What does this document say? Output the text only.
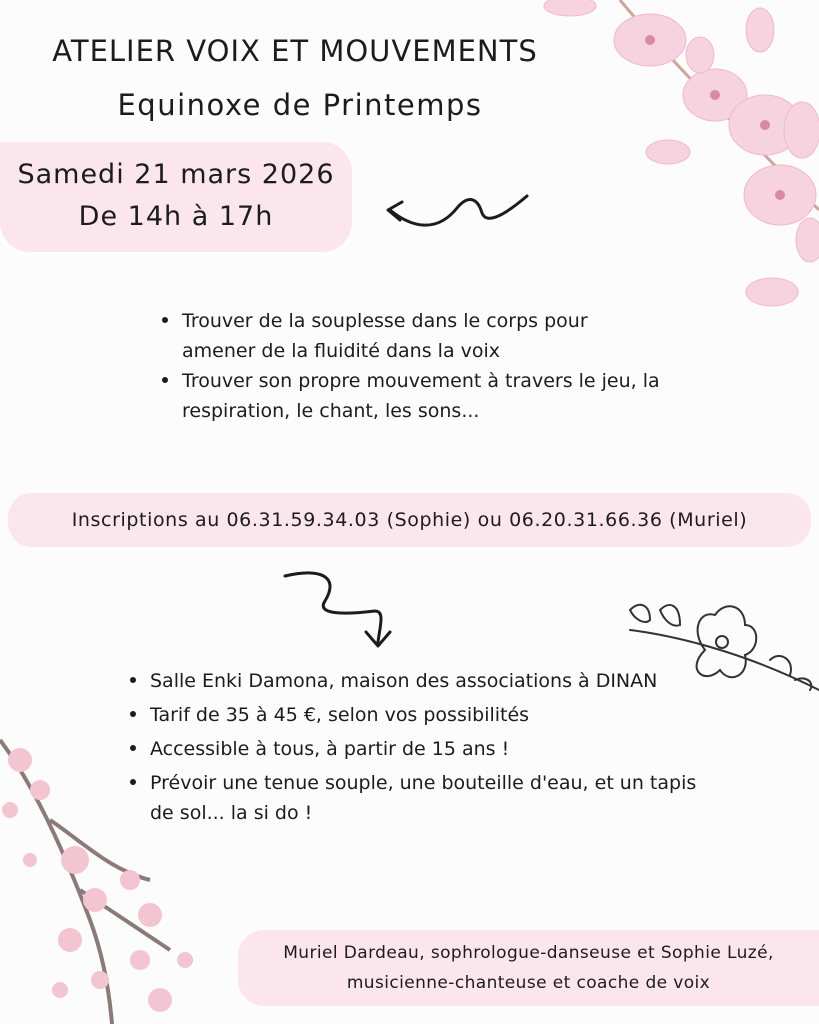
ATELIER VOIX ET MOUVEMENTS
Equinoxe de Printemps
Samedi 21 mars 2026
De 14h à 17h
Trouver de la souplesse dans le corps pour amener de la fluidité dans la voix
Trouver son propre mouvement à travers le jeu, la respiration, le chant, les sons...
Inscriptions au 06.31.59.34.03 (Sophie) ou 06.20.31.66.36 (Muriel)
Salle Enki Damona, maison des associations à DINAN
Tarif de 35 à 45 €, selon vos possibilités
Accessible à tous, à partir de 15 ans !
Prévoir une tenue souple, une bouteille d'eau, et un tapis de sol... la si do !
Muriel Dardeau, sophrologue-danseuse et Sophie Luzé,
musicienne-chanteuse et coache de voix
